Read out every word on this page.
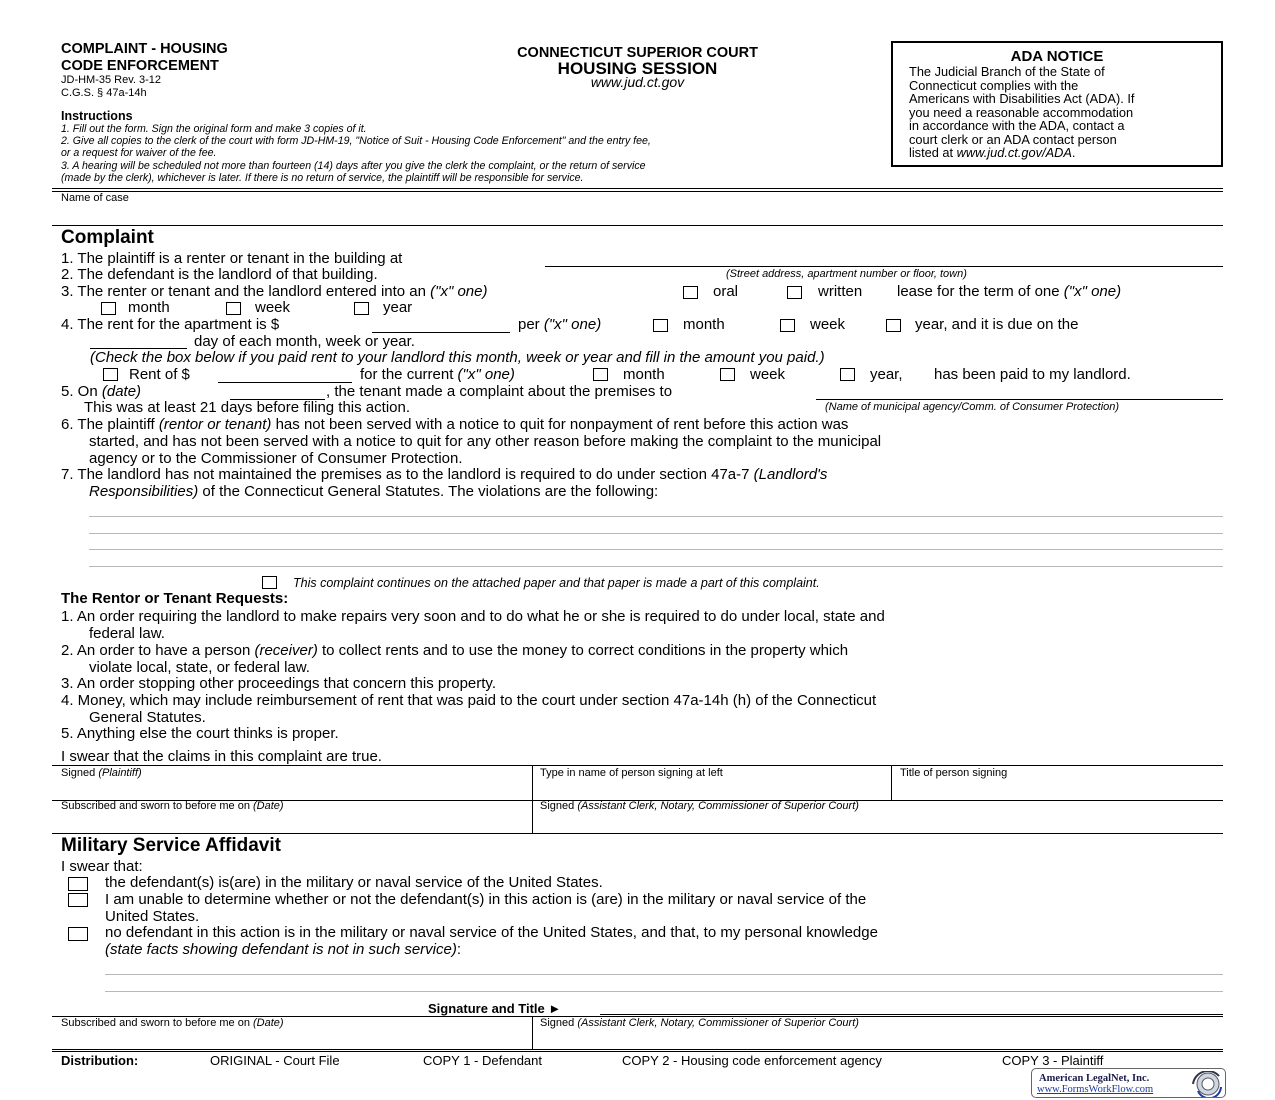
COMPLAINT - HOUSING
CODE ENFORCEMENT
JD-HM-35 Rev. 3-12
C.G.S. § 47a-14h
CONNECTICUT SUPERIOR COURT
HOUSING SESSION
www.jud.ct.gov
ADA NOTICE
The Judicial Branch of the State of
Connecticut complies with the
Americans with Disabilities Act (ADA). If
you need a reasonable accommodation
in accordance with the ADA, contact a
court clerk or an ADA contact person
listed at www.jud.ct.gov/ADA.
Instructions
1. Fill out the form. Sign the original form and make 3 copies of it.
2. Give all copies to the clerk of the court with form JD-HM-19, "Notice of Suit - Housing Code Enforcement" and the entry fee,
or a request for waiver of the fee.
3. A hearing will be scheduled not more than fourteen (14) days after you give the clerk the complaint, or the return of service
(made by the clerk), whichever is later. If there is no return of service, the plaintiff will be responsible for service.
Name of case
Complaint
1. The plaintiff is a renter or tenant in the building at
(Street address, apartment number or floor, town)
2. The defendant is the landlord of that building.
3. The renter or tenant and the landlord entered into an ("x" one)	oral	written lease for the term of one ("x" one)
month	week	year
4. The rent for the apartment is $	per ("x" one)	month	week	year, and it is due on the
day of each month, week or year.
(Check the box below if you paid rent to your landlord this month, week or year and fill in the amount you paid.)
Rent of $	for the current ("x" one)	month	week	year, has been paid to my landlord.
5. On (date)	, the tenant made a complaint about the premises to
This was at least 21 days before filing this action.	(Name of municipal agency/Comm. of Consumer Protection)
6. The plaintiff (rentor or tenant) has not been served with a notice to quit for nonpayment of rent before this action was
started, and has not been served with a notice to quit for any other reason before making the complaint to the municipal
agency or to the Commissioner of Consumer Protection.
7. The landlord has not maintained the premises as to the landlord is required to do under section 47a-7 (Landlord's
Responsibilities) of the Connecticut General Statutes. The violations are the following:
This complaint continues on the attached paper and that paper is made a part of this complaint.
The Rentor or Tenant Requests:
1. An order requiring the landlord to make repairs very soon and to do what he or she is required to do under local, state and
federal law.
2. An order to have a person (receiver) to collect rents and to use the money to correct conditions in the property which
violate local, state, or federal law.
3. An order stopping other proceedings that concern this property.
4. Money, which may include reimbursement of rent that was paid to the court under section 47a-14h (h) of the Connecticut
General Statutes.
5. Anything else the court thinks is proper.
I swear that the claims in this complaint are true.
Signed (Plaintiff)	Type in name of person signing at left	Title of person signing
Subscribed and sworn to before me on (Date)	Signed (Assistant Clerk, Notary, Commissioner of Superior Court)
Military Service Affidavit
I swear that:
the defendant(s) is(are) in the military or naval service of the United States.
I am unable to determine whether or not the defendant(s) in this action is (are) in the military or naval service of the
United States.
no defendant in this action is in the military or naval service of the United States, and that, to my personal knowledge
(state facts showing defendant is not in such service):
Signature and Title ►
Subscribed and sworn to before me on (Date)	Signed (Assistant Clerk, Notary, Commissioner of Superior Court)
Distribution:	ORIGINAL - Court File	COPY 1 - Defendant	COPY 2 - Housing code enforcement agency	COPY 3 - Plaintiff
American LegalNet, Inc.
www.FormsWorkFlow.com
